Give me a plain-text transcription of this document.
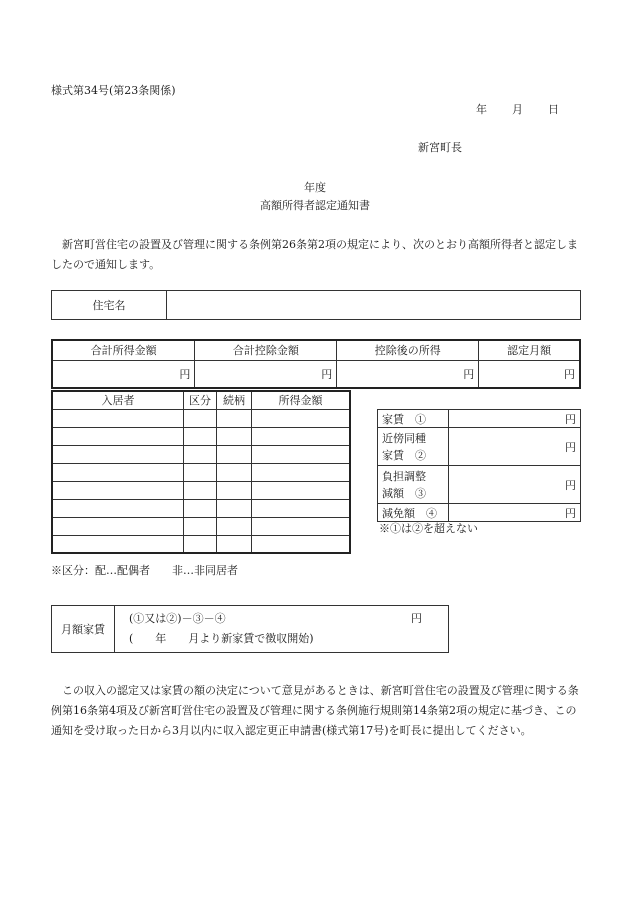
様式第34号(第23条関係)
年 月 日
新宮町長
年度
高額所得者認定通知書
新宮町営住宅の設置及び管理に関する条例第26条第2項の規定により、次のとおり高額所得者と認定しましたので通知します。
住宅名	
合計所得金額	合計控除金額	控除後の所得	認定月額
円	円	円	円
入居者	区分	続柄	所得金額

家賃　①	円
近傍同種
家賃　②	円
負担調整
減額　③	円
減免額　④	円
※①は②を超えない
※区分：配…配偶者　　非…非同居者
月額家賃	
(①又は②)－③－④	円
(　　年　　月より新家賃で徴収開始)
この収入の認定又は家賃の額の決定について意見があるときは、新宮町営住宅の設置及び管理に関する条例第16条第4項及び新宮町営住宅の設置及び管理に関する条例施行規則第14条第2項の規定に基づき、この通知を受け取った日から3月以内に収入認定更正申請書(様式第17号)を町長に提出してください。
